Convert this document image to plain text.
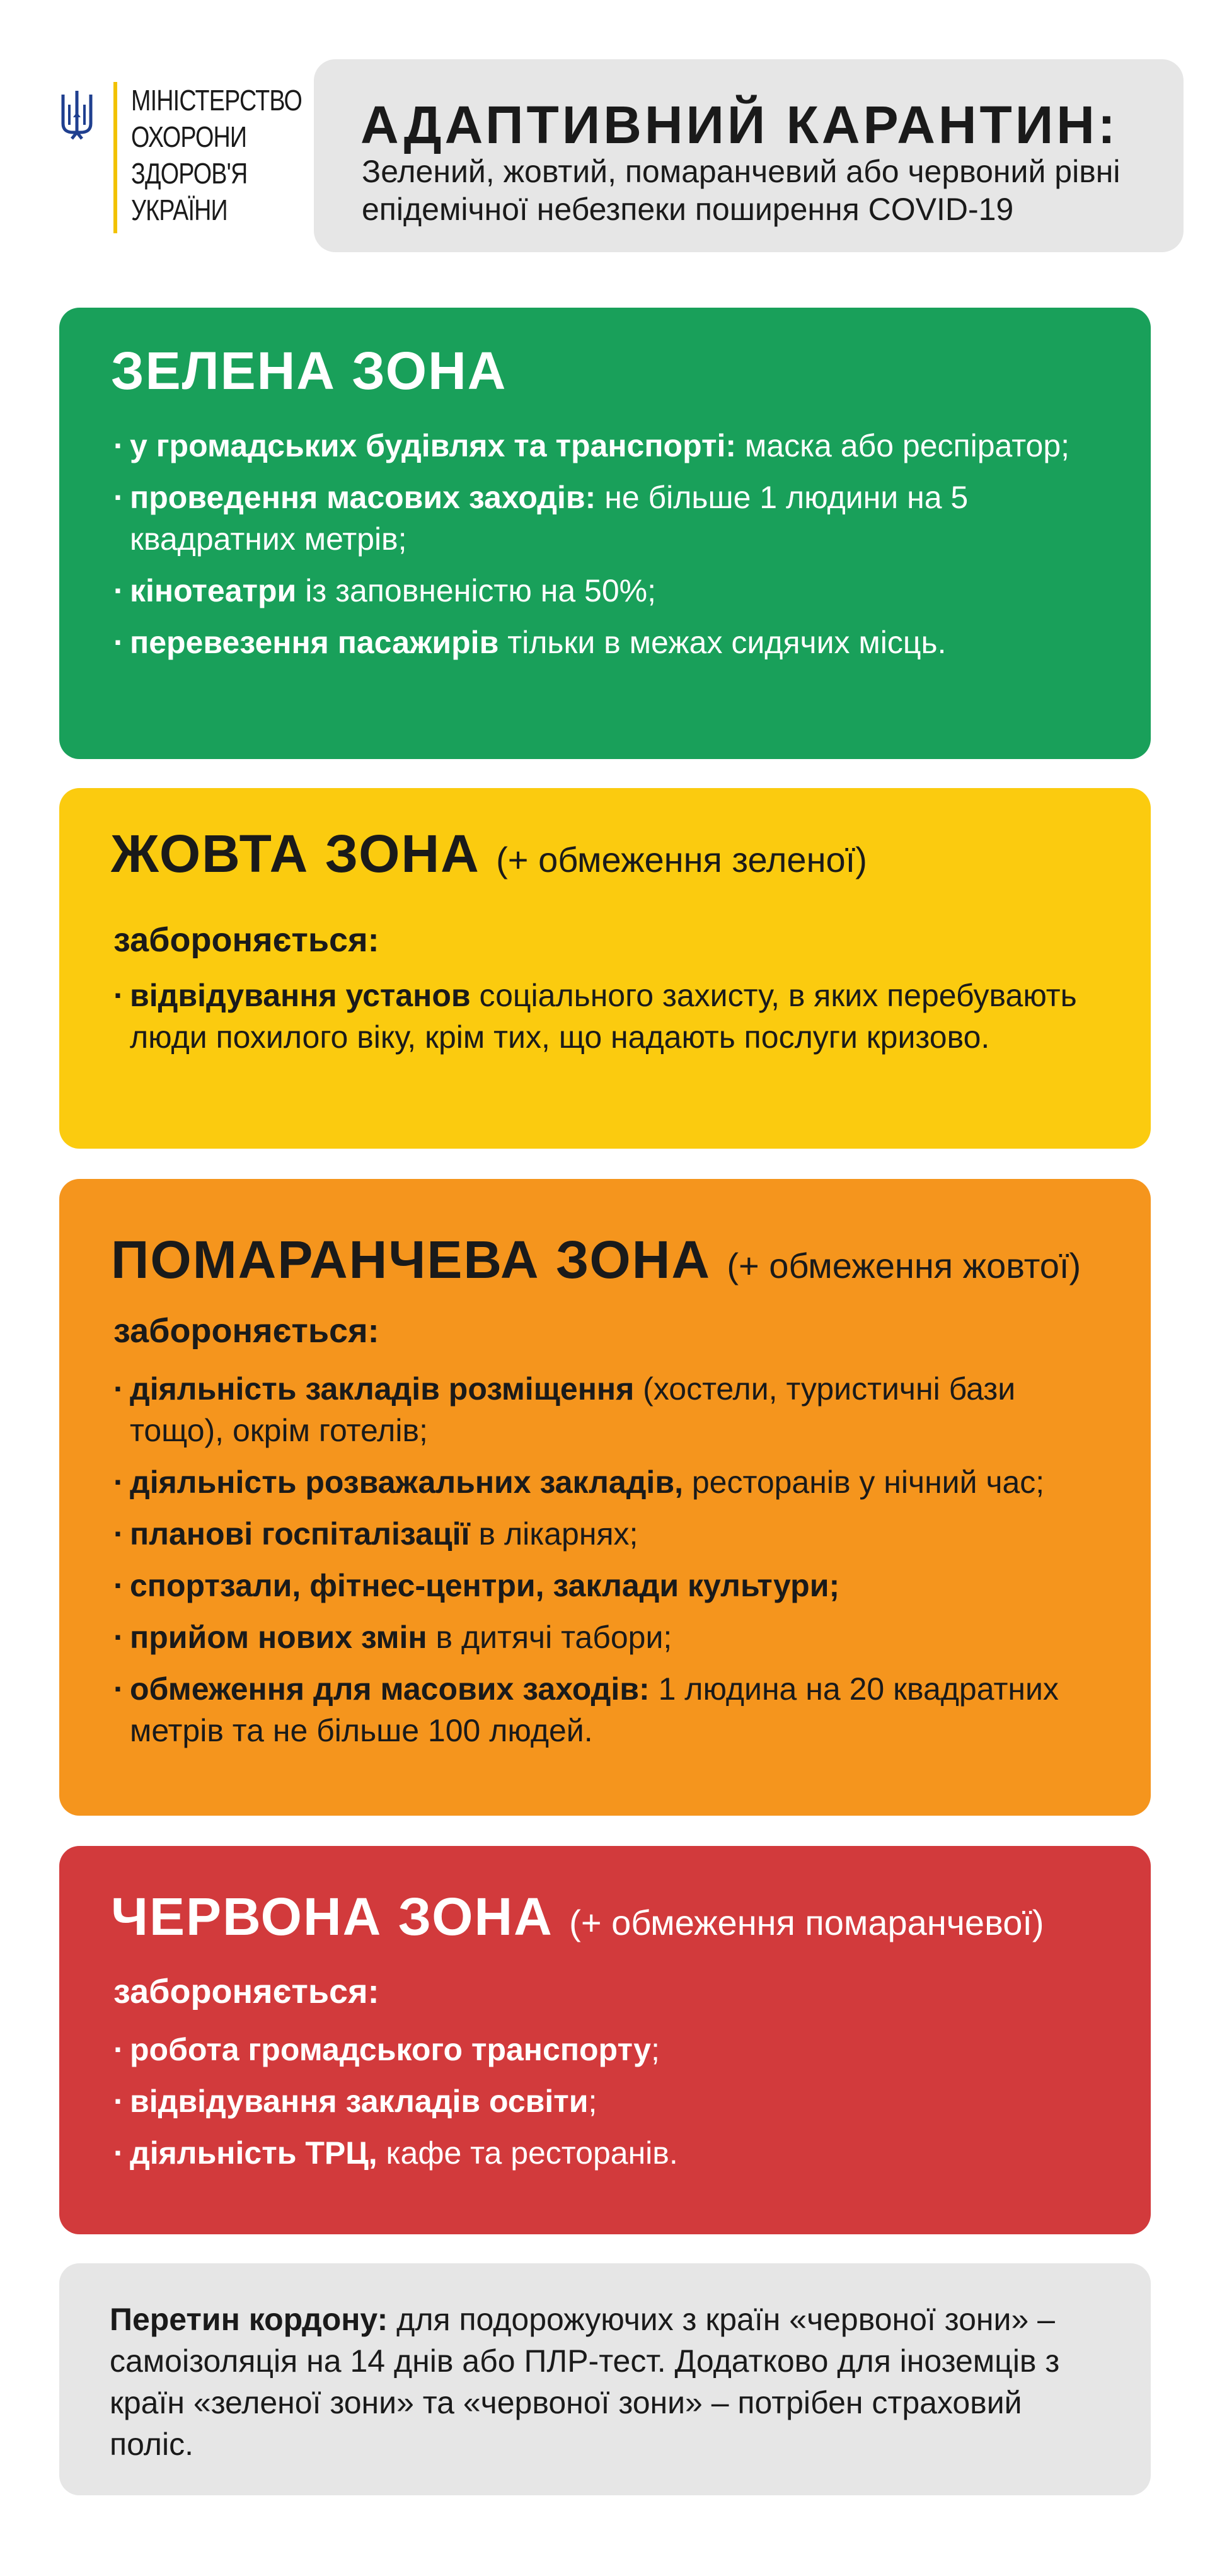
МІНІСТЕРСТВО
ОХОРОНИ
ЗДОРОВ'Я
УКРАЇНИ
АДАПТИВНИЙ КАРАНТИН:
Зелений, жовтий, помаранчевий або червоний рівні епідемічної небезпеки поширення COVID-19
ЗЕЛЕНА ЗОНА
· у громадських будівлях та транспорті: маска або респіратор;
· проведення масових заходів: не більше 1 людини на 5 квадратних метрів;
· кінотеатри із заповненістю на 50%;
· перевезення пасажирів тільки в межах сидячих місць.
ЖОВТА ЗОНА (+ обмеження зеленої)
забороняється:
· відвідування установ соціального захисту, в яких перебувають люди похилого віку, крім тих, що надають послуги кризово.
ПОМАРАНЧЕВА ЗОНА (+ обмеження жовтої)
забороняється:
· діяльність закладів розміщення (хостели, туристичні бази тощо), окрім готелів;
· діяльність розважальних закладів, ресторанів у нічний час;
· планові госпіталізації в лікарнях;
· спортзали, фітнес-центри, заклади культури;
· прийом нових змін в дитячі табори;
· обмеження для масових заходів: 1 людина на 20 квадратних метрів та не більше 100 людей.
ЧЕРВОНА ЗОНА (+ обмеження помаранчевої)
забороняється:
· робота громадського транспорту;
· відвідування закладів освіти;
· діяльність ТРЦ, кафе та ресторанів.
Перетин кордону: для подорожуючих з країн «червоної зони» – самоізоляція на 14 днів або ПЛР-тест. Додатково для іноземців з країн «зеленої зони» та «червоної зони» – потрібен страховий поліс.
